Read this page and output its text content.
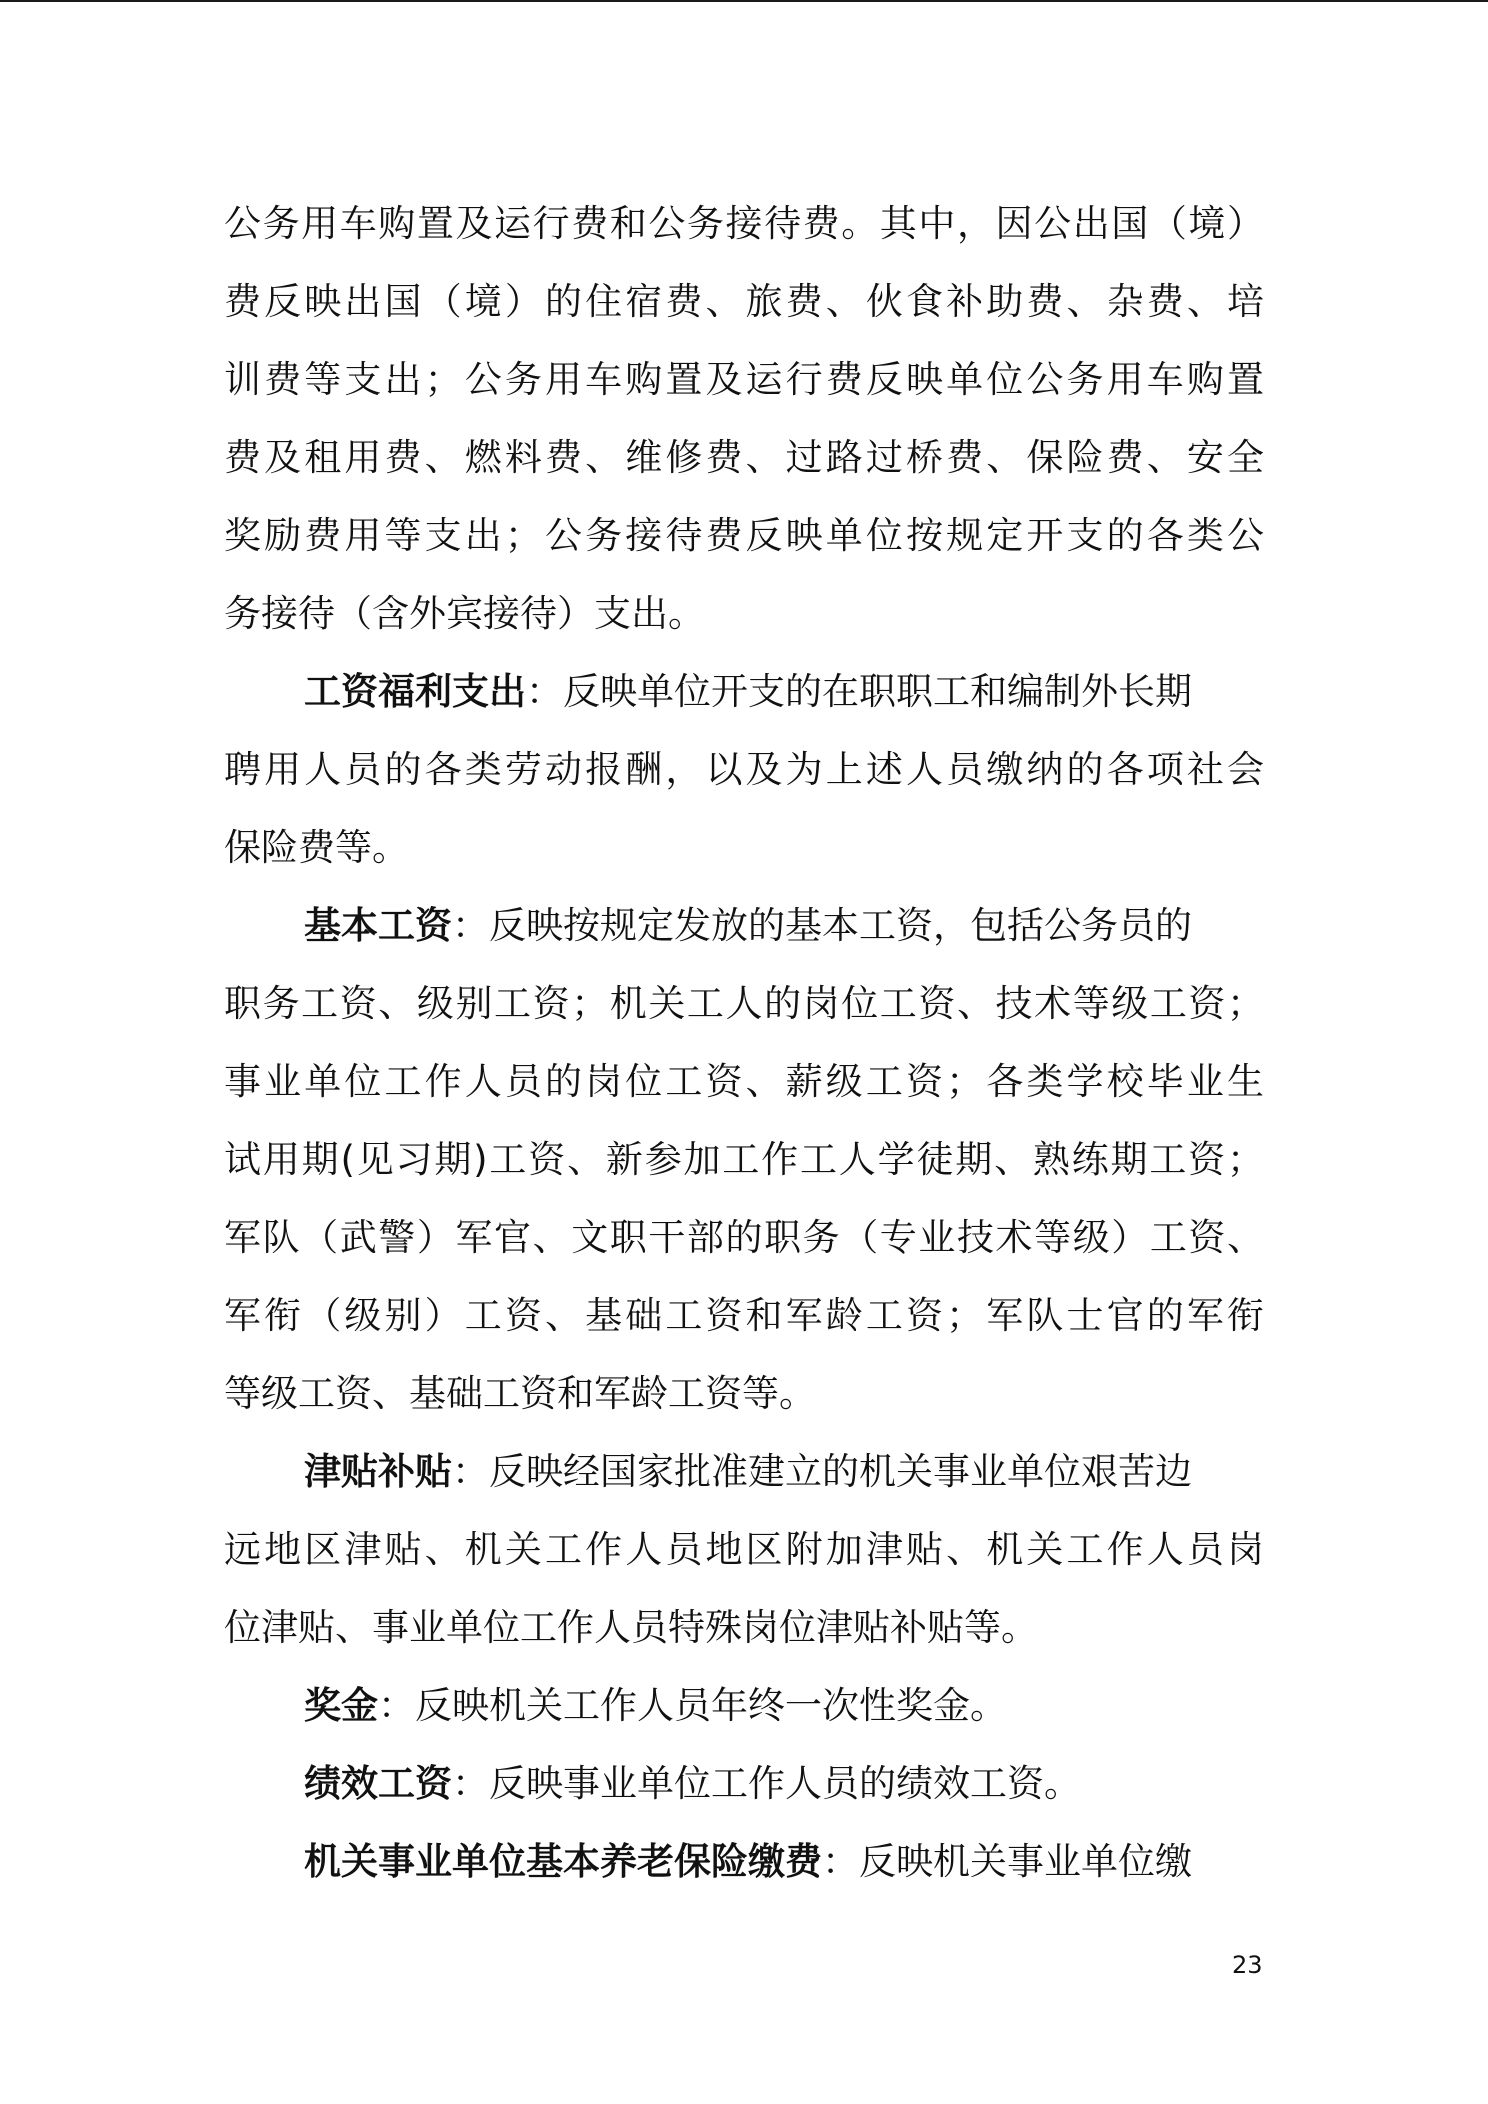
公务用车购置及运行费和公务接待费。其中，因公出国（境）
费反映出国（境）的住宿费、旅费、伙食补助费、杂费、培
训费等支出；公务用车购置及运行费反映单位公务用车购置
费及租用费、燃料费、维修费、过路过桥费、保险费、安全
奖励费用等支出；公务接待费反映单位按规定开支的各类公
务接待（含外宾接待）支出。
工资福利支出：反映单位开支的在职职工和编制外长期
聘用人员的各类劳动报酬，以及为上述人员缴纳的各项社会
保险费等。
基本工资：反映按规定发放的基本工资，包括公务员的
职务工资、级别工资；机关工人的岗位工资、技术等级工资；
事业单位工作人员的岗位工资、薪级工资；各类学校毕业生
试用期(见习期)工资、新参加工作工人学徒期、熟练期工资；
军队（武警）军官、文职干部的职务（专业技术等级）工资、
军衔（级别）工资、基础工资和军龄工资；军队士官的军衔
等级工资、基础工资和军龄工资等。
津贴补贴：反映经国家批准建立的机关事业单位艰苦边
远地区津贴、机关工作人员地区附加津贴、机关工作人员岗
位津贴、事业单位工作人员特殊岗位津贴补贴等。
奖金：反映机关工作人员年终一次性奖金。
绩效工资：反映事业单位工作人员的绩效工资。
机关事业单位基本养老保险缴费：反映机关事业单位缴
23
